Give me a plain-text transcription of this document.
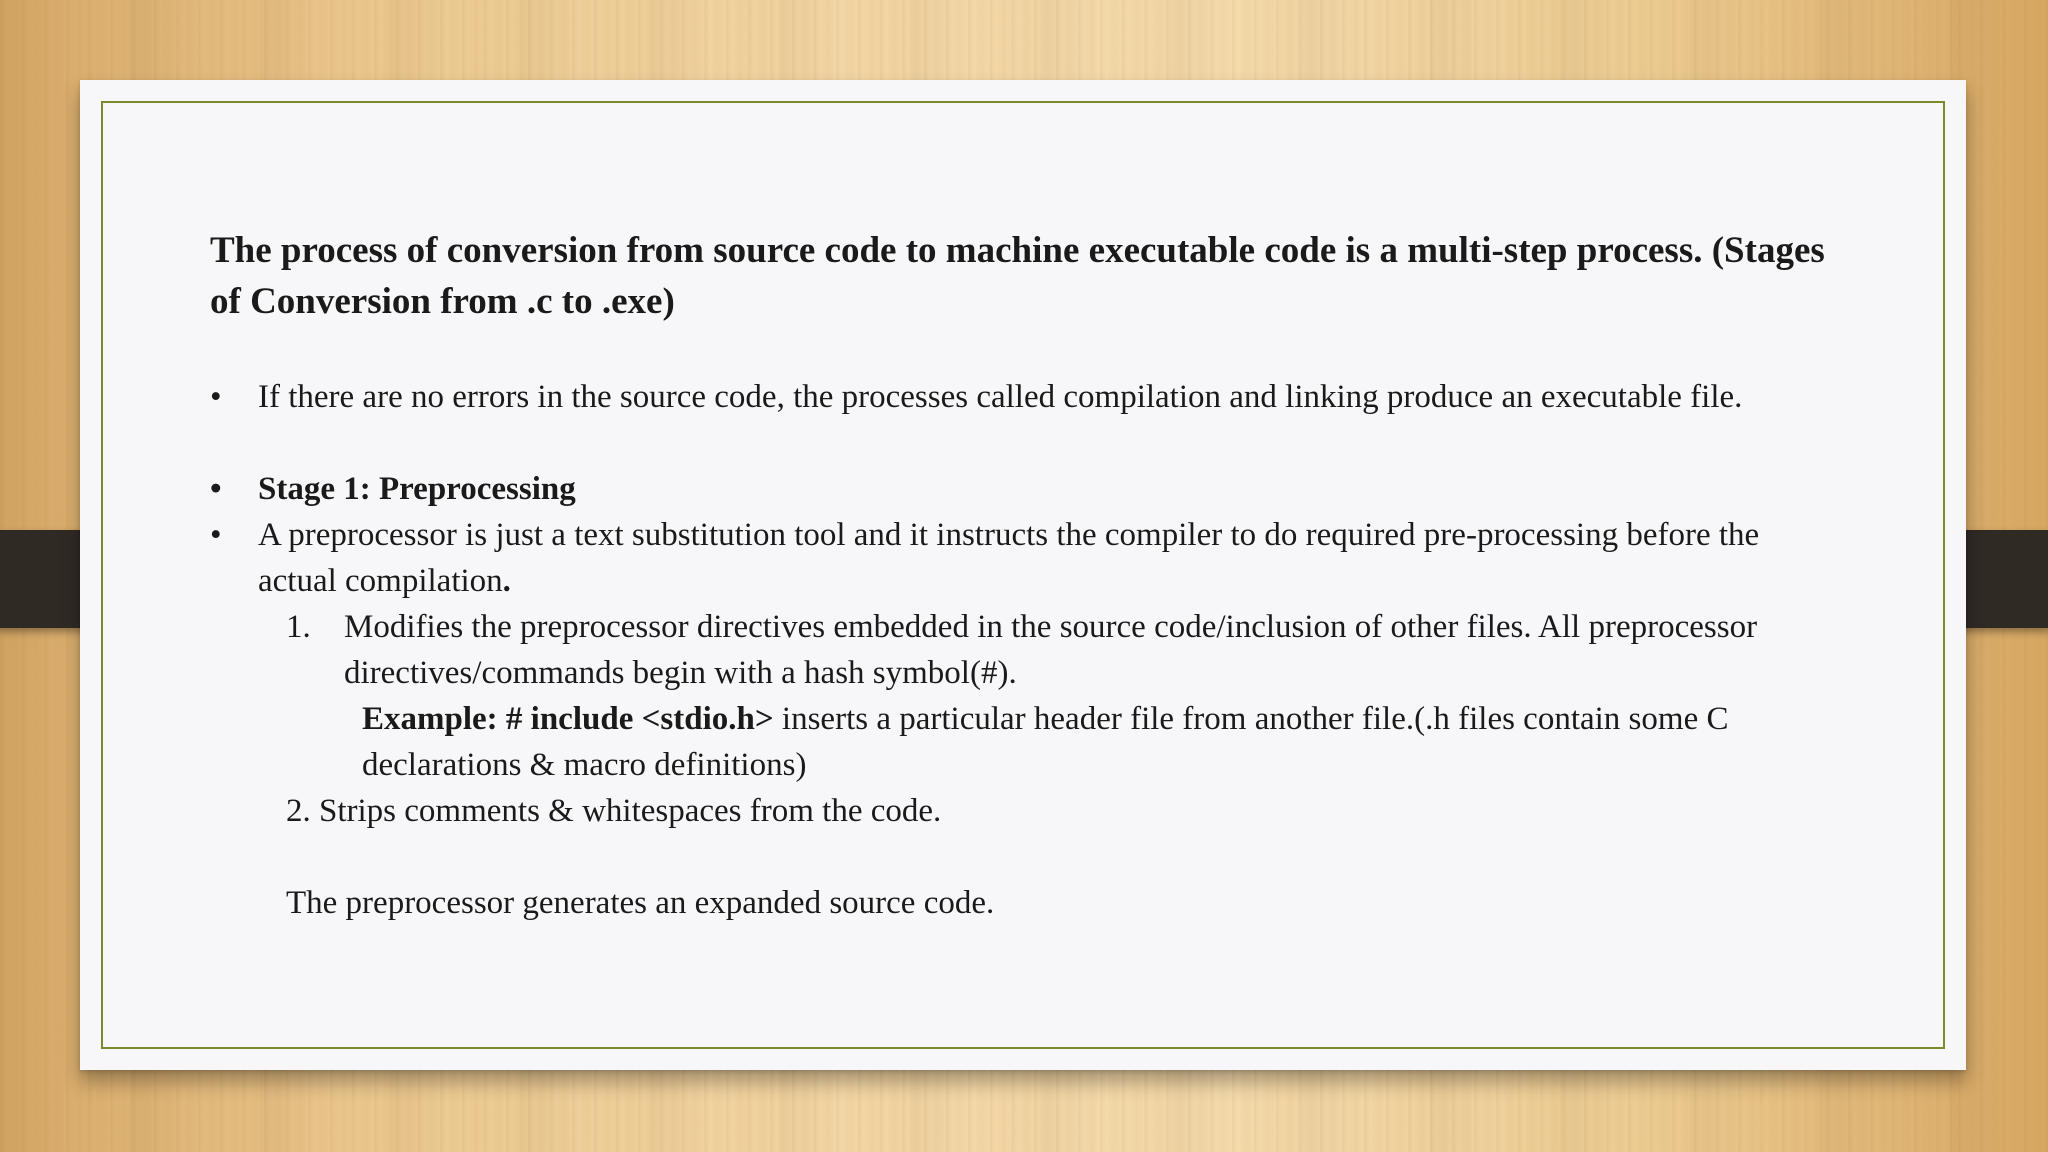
The process of conversion from source code to machine executable code is a multi-step process. (Stages of Conversion from .c to .exe)

• If there are no errors in the source code, the processes called compilation and linking produce an executable file.
• Stage 1: Preprocessing
• A preprocessor is just a text substitution tool and it instructs the compiler to do required pre-processing before the actual compilation.
1. Modifies the preprocessor directives embedded in the source code/inclusion of other files. All preprocessor directives/commands begin with a hash symbol(#).
Example: # include <stdio.h> inserts a particular header file from another file.(.h files contain some C declarations & macro definitions)
2. Strips comments & whitespaces from the code.
The preprocessor generates an expanded source code.
